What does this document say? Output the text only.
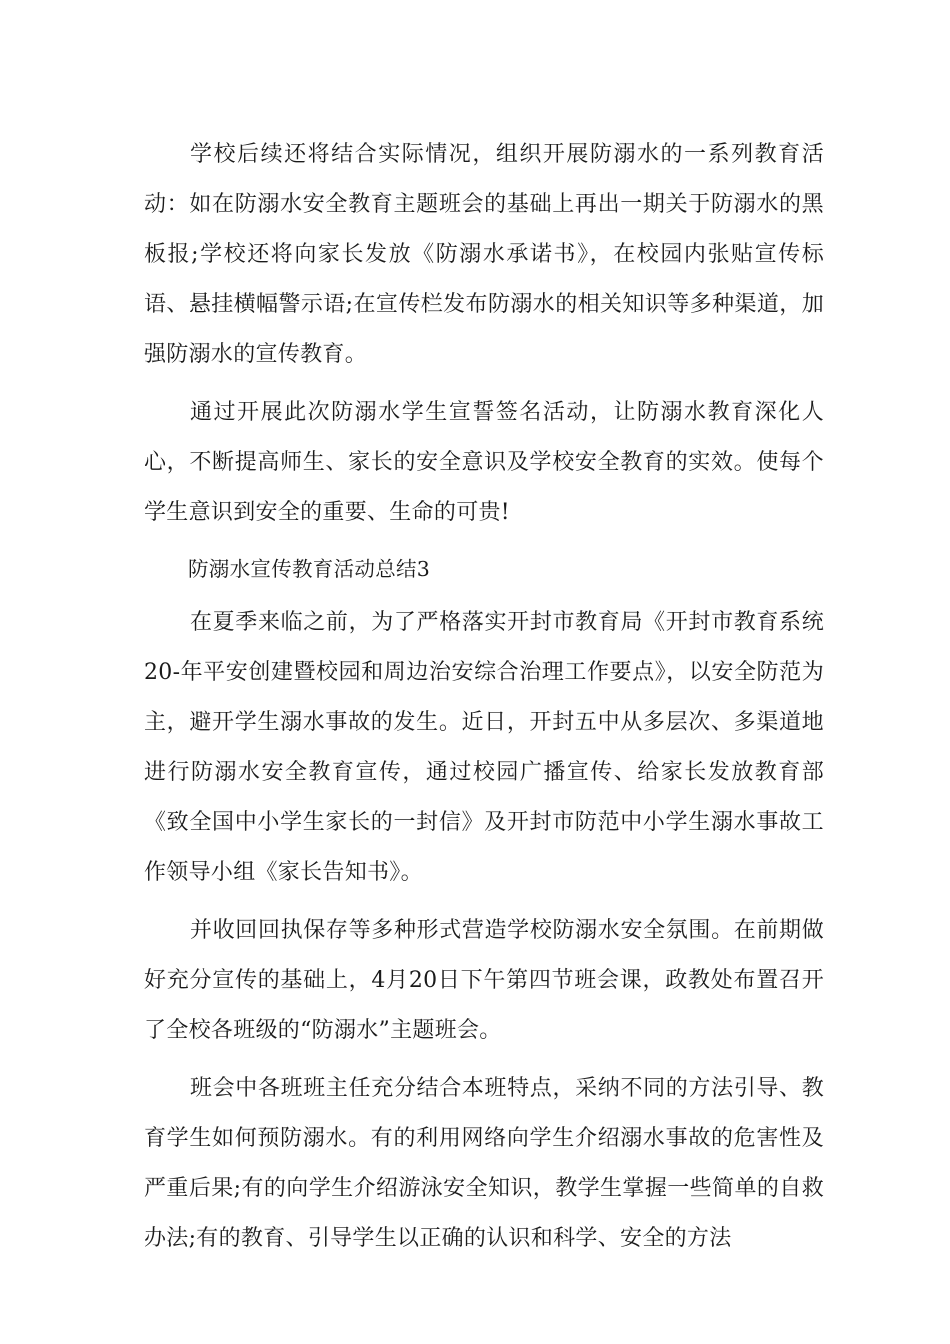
学校后续还将结合实际情况，组织开展防溺水的一系列教育活动：如在防溺水安全教育主题班会的基础上再出一期关于防溺水的黑板报;学校还将向家长发放《防溺水承诺书》，在校园内张贴宣传标语、悬挂横幅警示语;在宣传栏发布防溺水的相关知识等多种渠道，加强防溺水的宣传教育。

通过开展此次防溺水学生宣誓签名活动，让防溺水教育深化人心，不断提高师生、家长的安全意识及学校安全教育的实效。使每个学生意识到安全的重要、生命的可贵!

防溺水宣传教育活动总结3

在夏季来临之前，为了严格落实开封市教育局《开封市教育系统20-年平安创建暨校园和周边治安综合治理工作要点》，以安全防范为主，避开学生溺水事故的发生。近日，开封五中从多层次、多渠道地进行防溺水安全教育宣传，通过校园广播宣传、给家长发放教育部《致全国中小学生家长的一封信》及开封市防范中小学生溺水事故工作领导小组《家长告知书》。

并收回回执保存等多种形式营造学校防溺水安全氛围。在前期做好充分宣传的基础上，4月20日下午第四节班会课，政教处布置召开了全校各班级的“防溺水”主题班会。

班会中各班班主任充分结合本班特点，采纳不同的方法引导、教育学生如何预防溺水。有的利用网络向学生介绍溺水事故的危害性及严重后果;有的向学生介绍游泳安全知识，教学生掌握一些简单的自救办法;有的教育、引导学生以正确的认识和科学、安全的方法
